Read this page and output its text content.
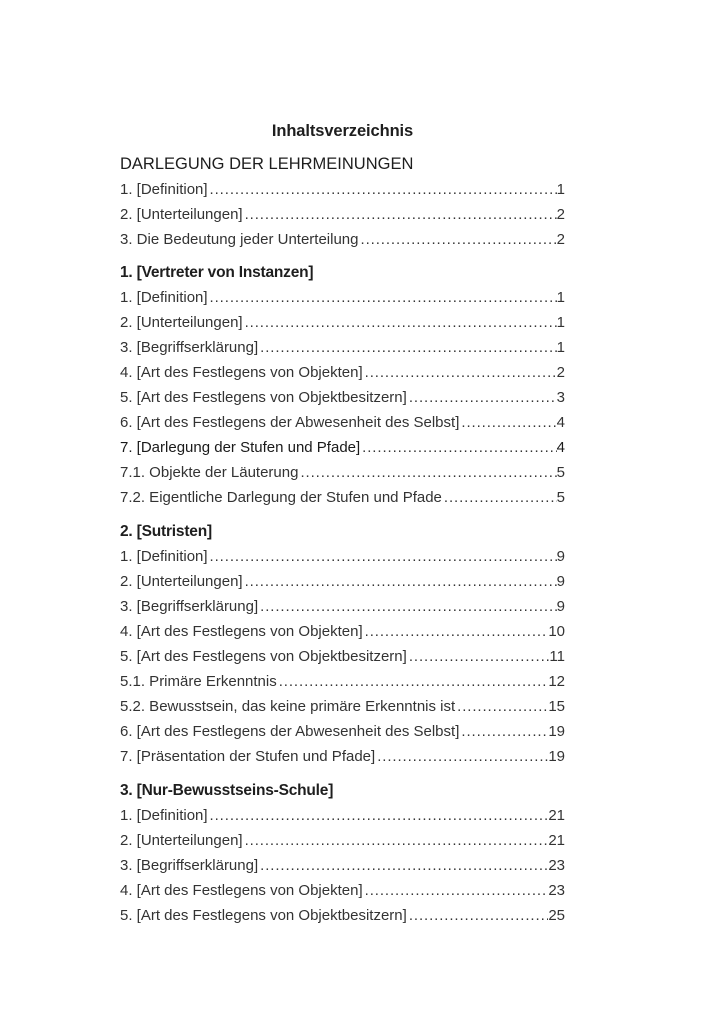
Inhaltsverzeichnis
DARLEGUNG DER LEHRMEINUNGEN
1. [Definition] .....	1
2. [Unterteilungen] .....	2
3. Die Bedeutung jeder Unterteilung .....	2
1. [Vertreter von Instanzen]
1. [Definition] .....	1
2. [Unterteilungen] .....	1
3. [Begriffserklärung] .....	1
4. [Art des Festlegens von Objekten] .....	2
5. [Art des Festlegens von Objektbesitzern] .....	3
6. [Art des Festlegens der Abwesenheit des Selbst] .....	4
7. [Darlegung der Stufen und Pfade] .....	4
7.1. Objekte der Läuterung .....	5
7.2. Eigentliche Darlegung der Stufen und Pfade .....	5
2. [Sutristen]
1. [Definition] .....	9
2. [Unterteilungen] .....	9
3. [Begriffserklärung] .....	9
4. [Art des Festlegens von Objekten] .....	10
5. [Art des Festlegens von Objektbesitzern] .....	11
5.1. Primäre Erkenntnis .....	12
5.2. Bewusstsein, das keine primäre Erkenntnis ist .....	15
6. [Art des Festlegens der Abwesenheit des Selbst] .....	19
7. [Präsentation der Stufen und Pfade] .....	19
3. [Nur-Bewusstseins-Schule]
1. [Definition] .....	21
2. [Unterteilungen] .....	21
3. [Begriffserklärung] .....	23
4. [Art des Festlegens von Objekten] .....	23
5. [Art des Festlegens von Objektbesitzern] .....	25
